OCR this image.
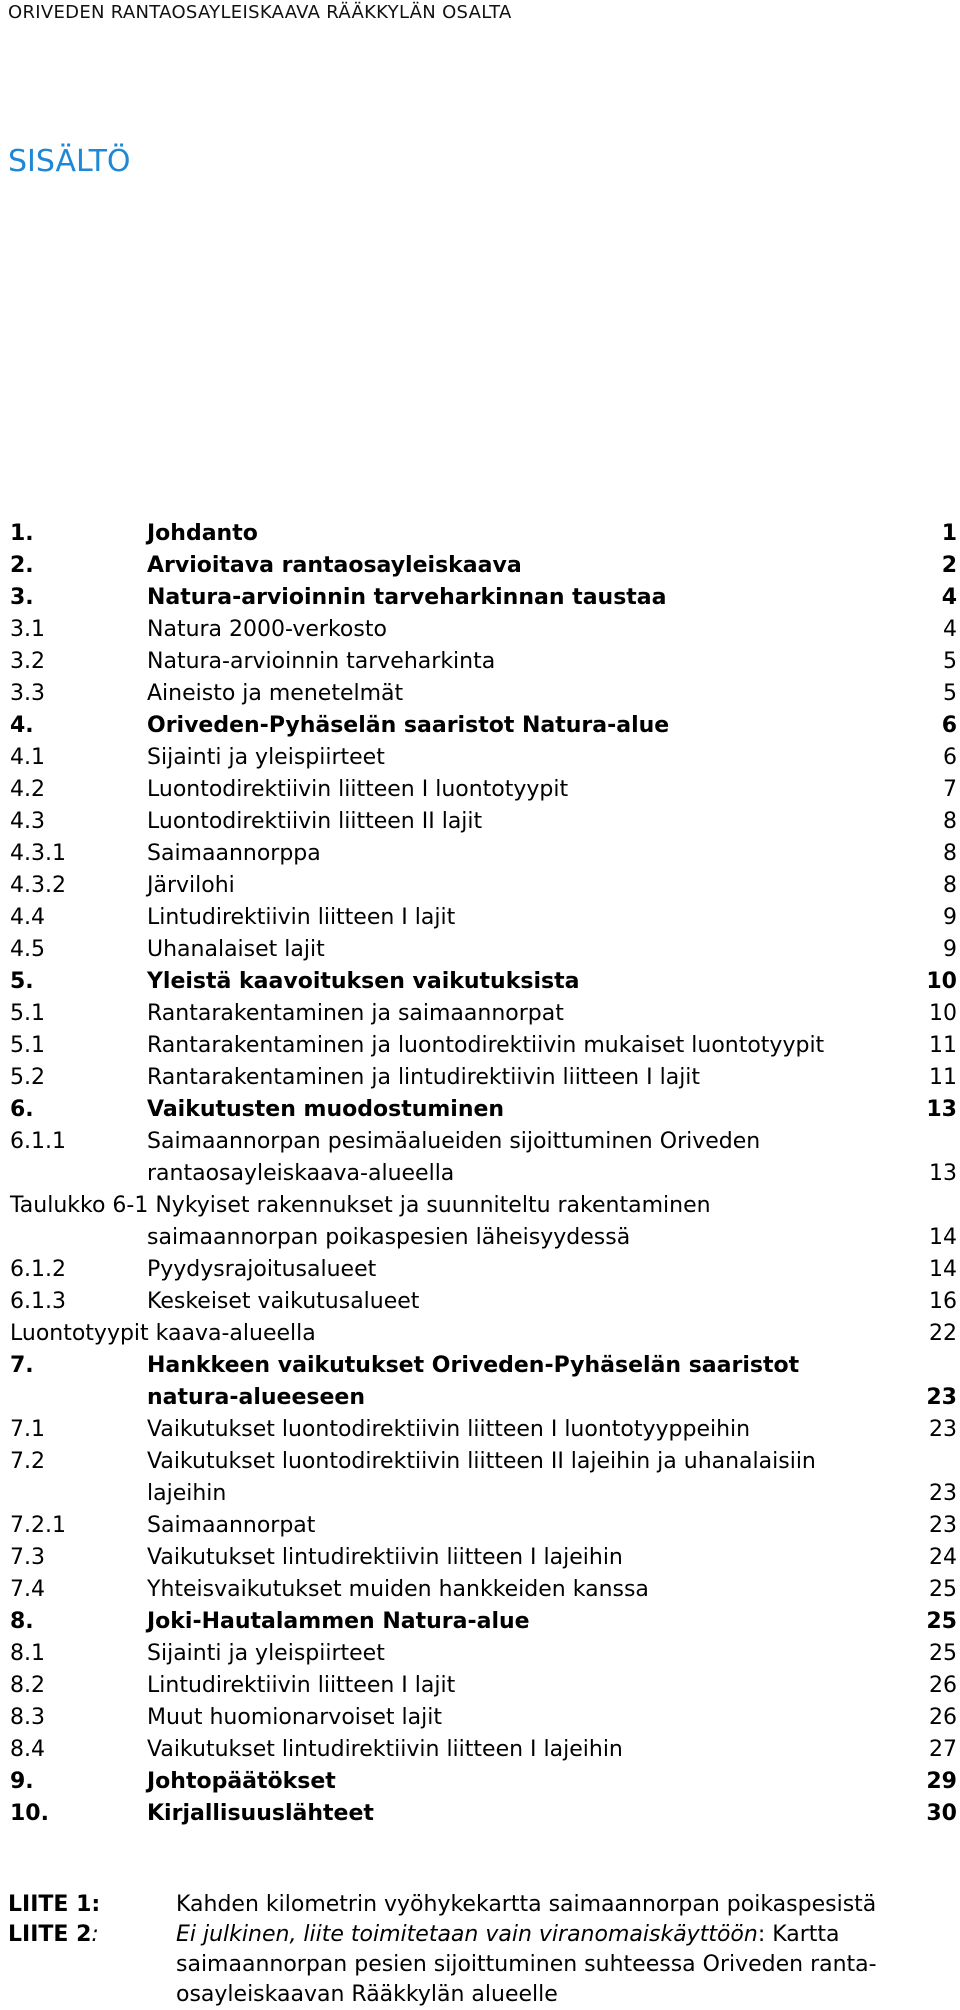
ORIVEDEN RANTAOSAYLEISKAAVA RÄÄKKYLÄN OSALTA
SISÄLTÖ
1.	Johdanto	1
2.	Arvioitava rantaosayleiskaava	2
3.	Natura-arvioinnin tarveharkinnan taustaa	4
3.1	Natura 2000-verkosto	4
3.2	Natura-arvioinnin tarveharkinta	5
3.3	Aineisto ja menetelmät	5
4.	Oriveden-Pyhäselän saaristot Natura-alue	6
4.1	Sijainti ja yleispiirteet	6
4.2	Luontodirektiivin liitteen I luontotyypit	7
4.3	Luontodirektiivin liitteen II lajit	8
4.3.1	Saimaannorppa	8
4.3.2	Järvilohi	8
4.4	Lintudirektiivin liitteen I lajit	9
4.5	Uhanalaiset lajit	9
5.	Yleistä kaavoituksen vaikutuksista	10
5.1	Rantarakentaminen ja saimaannorpat	10
5.1	Rantarakentaminen ja luontodirektiivin mukaiset luontotyypit	11
5.2	Rantarakentaminen ja lintudirektiivin liitteen I lajit	11
6.	Vaikutusten muodostuminen	13
6.1.1	Saimaannorpan pesimäalueiden sijoittuminen Oriveden
rantaosayleiskaava-alueella	13
Taulukko 6-1 Nykyiset rakennukset ja suunniteltu rakentaminen
saimaannorpan poikaspesien läheisyydessä	14
6.1.2	Pyydysrajoitusalueet	14
6.1.3	Keskeiset vaikutusalueet	16
Luontotyypit kaava-alueella	22
7.	Hankkeen vaikutukset Oriveden-Pyhäselän saaristot
natura-alueeseen	23
7.1	Vaikutukset luontodirektiivin liitteen I luontotyyppeihin	23
7.2	Vaikutukset luontodirektiivin liitteen II lajeihin ja uhanalaisiin
lajeihin	23
7.2.1	Saimaannorpat	23
7.3	Vaikutukset lintudirektiivin liitteen I lajeihin	24
7.4	Yhteisvaikutukset muiden hankkeiden kanssa	25
8.	Joki-Hautalammen Natura-alue	25
8.1	Sijainti ja yleispiirteet	25
8.2	Lintudirektiivin liitteen I lajit	26
8.3	Muut huomionarvoiset lajit	26
8.4	Vaikutukset lintudirektiivin liitteen I lajeihin	27
9.	Johtopäätökset	29
10.	Kirjallisuuslähteet	30
LIITE 1:	Kahden kilometrin vyöhykekartta saimaannorpan poikaspesistä
LIITE 2:	Ei julkinen, liite toimitetaan vain viranomaiskäyttöön: Kartta saimaannorpan pesien sijoittuminen suhteessa Oriveden ranta-osayleiskaavan Rääkkylän alueelle
